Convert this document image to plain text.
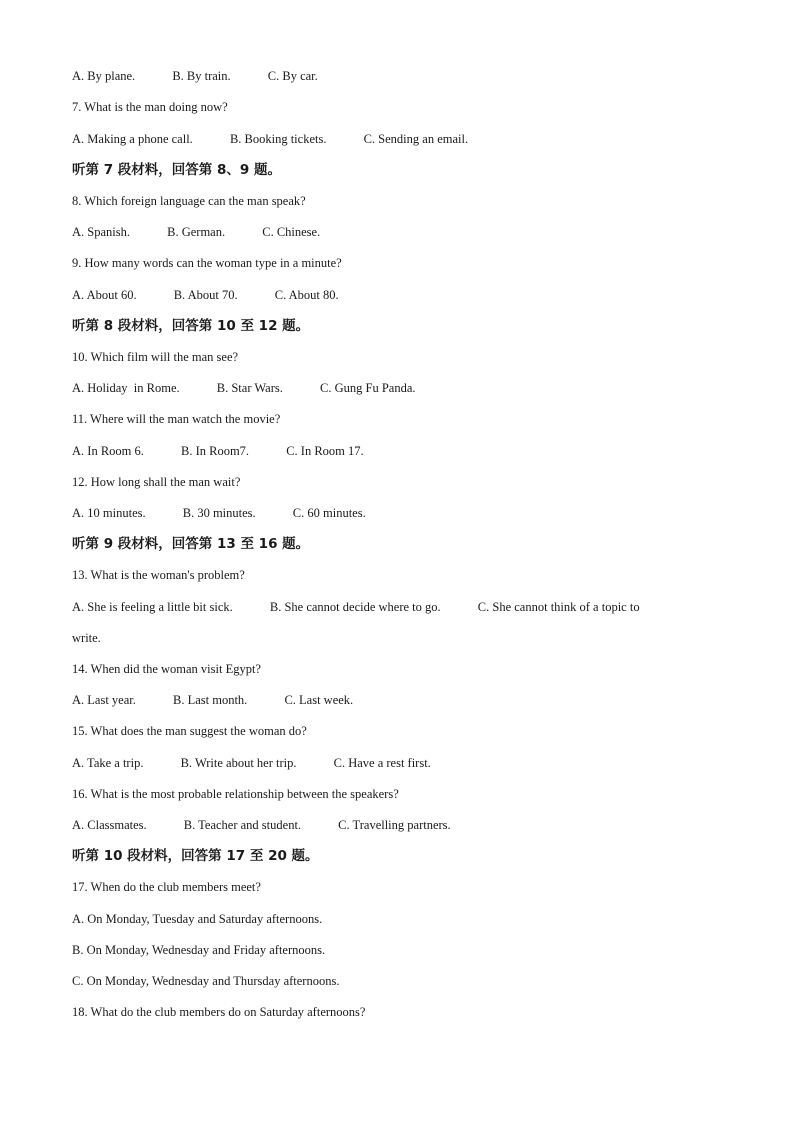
A. By plane.	B. By train.	C. By car.
7. What is the man doing now?
A. Making a phone call.	B. Booking tickets.	C. Sending an email.
听第 7 段材料，回答第 8、9 题。
8. Which foreign language can the man speak?
A. Spanish.	B. German.	C. Chinese.
9. How many words can the woman type in a minute?
A. About 60.	B. About 70.	C. About 80.
听第 8 段材料，回答第 10 至 12 题。
10. Which film will the man see?
A. Holiday  in Rome.	B. Star Wars.	C. Gung Fu Panda.
11. Where will the man watch the movie?
A. In Room 6.	B. In Room7.	C. In Room 17.
12. How long shall the man wait?
A. 10 minutes.	B. 30 minutes.	C. 60 minutes.
听第 9 段材料，回答第 13 至 16 题。
13. What is the woman's problem?
A. She is feeling a little bit sick.	B. She cannot decide where to go.	C. She cannot think of a topic to
write.
14. When did the woman visit Egypt?
A. Last year.	B. Last month.	C. Last week.
15. What does the man suggest the woman do?
A. Take a trip.	B. Write about her trip.	C. Have a rest first.
16. What is the most probable relationship between the speakers?
A. Classmates.	B. Teacher and student.	C. Travelling partners.
听第 10 段材料，回答第 17 至 20 题。
17. When do the club members meet?
A. On Monday, Tuesday and Saturday afternoons.
B. On Monday, Wednesday and Friday afternoons.
C. On Monday, Wednesday and Thursday afternoons.
18. What do the club members do on Saturday afternoons?
